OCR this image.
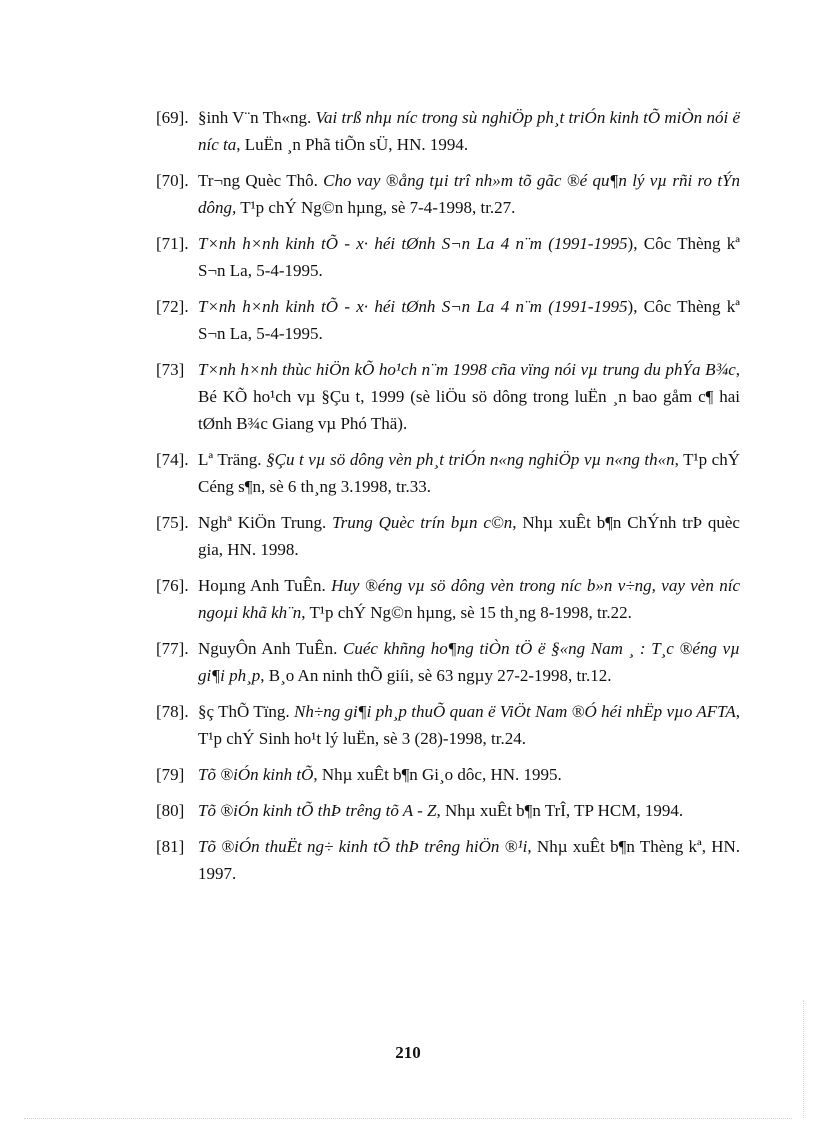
[69]. §inh V¨n Th«ng. Vai trß nhµ níc trong sù nghiÖp ph¸t triÓn kinh tÕ miÒn nói ë níc ta, LuËn ¸n Phã tiÕn sÜ, HN. 1994.
[70]. Tr¬ng Quèc Thô. Cho vay ®ång tµi trî nh»m tõ gãc ®é qu¶n lý vµ rñi ro tÝn dông, T¹p chÝ Ng©n hµng, sè 7-4-1998, tr.27.
[71]. T×nh h×nh kinh tÕ - x· héi tØnh S¬n La 4 n¨m (1991-1995), Côc Thèng kª S¬n La, 5-4-1995.
[72]. T×nh h×nh kinh tÕ - x· héi tØnh S¬n La 4 n¨m (1991-1995), Côc Thèng kª S¬n La, 5-4-1995.
[73] T×nh h×nh thùc hiÖn kÕ ho¹ch n¨m 1998 cña vïng nói vµ trung du phÝa B¾c, Bé KÕ ho¹ch vµ §Çu t, 1999 (sè liÖu sö dông trong luËn ¸n bao gåm c¶ hai tØnh B¾c Giang vµ Phó Thä).
[74]. Lª Träng. §Çu t vµ sö dông vèn ph¸t triÓn n«ng nghiÖp vµ n«ng th«n, T¹p chÝ Céng s¶n, sè 6 th¸ng 3.1998, tr.33.
[75]. Nghª KiÖn Trung. Trung Quèc trín bµn c©n, Nhµ xuÊt b¶n ChÝnh trÞ quèc gia, HN. 1998.
[76]. Hoµng Anh TuÊn. Huy ®éng vµ sö dông vèn trong níc b»n v÷ng, vay vèn níc ngoµi khã kh¨n, T¹p chÝ Ng©n hµng, sè 15 th¸ng 8-1998, tr.22.
[77]. NguyÔn Anh TuÊn. Cuéc khñng ho¶ng tiÒn tÖ ë §«ng Nam ¸ : T¸c ®éng vµ gi¶i ph¸p, B¸o An ninh thÕ giíi, sè 63 ngµy 27-2-1998, tr.12.
[78]. §ç ThÕ Tïng. Nh÷ng gi¶i ph¸p thuÕ quan ë ViÖt Nam ®Ó héi nhËp vµo AFTA, T¹p chÝ Sinh ho¹t lý luËn, sè 3 (28)-1998, tr.24.
[79] Tõ ®iÓn kinh tÕ, Nhµ xuÊt b¶n Gi¸o dôc, HN. 1995.
[80] Tõ ®iÓn kinh tÕ thÞ trêng tõ A - Z, Nhµ xuÊt b¶n TrÎ, TP HCM, 1994.
[81] Tõ ®iÓn thuËt ng÷ kinh tÕ thÞ trêng hiÖn ®¹i, Nhµ xuÊt b¶n Thèng kª, HN. 1997.
210
